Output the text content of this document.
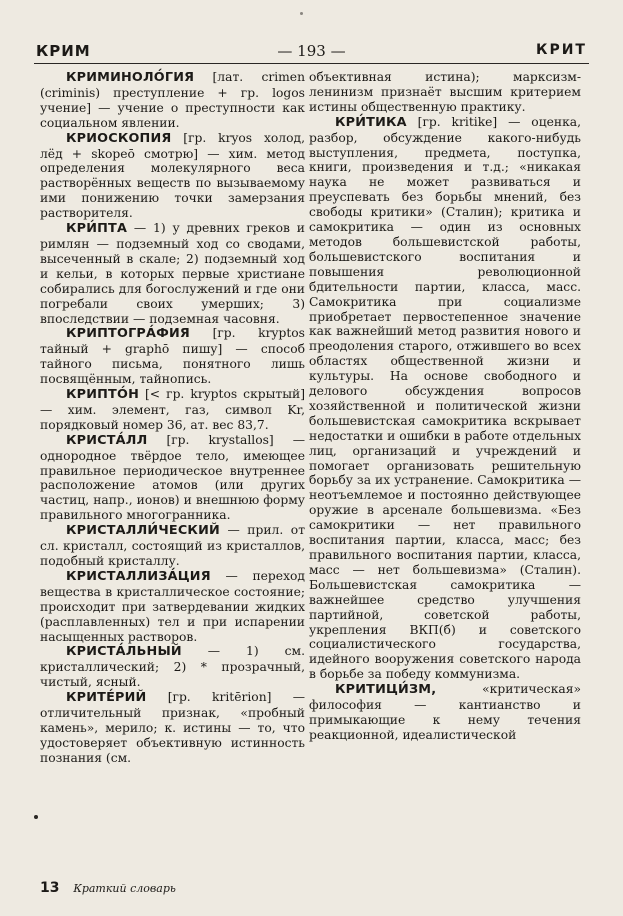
КРИМ	— 193 —	КРИТ

КРИМИНОЛО́ГИЯ [лат. crimen (criminis) преступление + гр. logos учение] — учение о преступности как социальном явлении.

КРИОСКОПИЯ [гр. kryos холод, лёд + skopeō смотрю] — хим. метод определения молекулярного веса растворённых веществ по вызываемому ими понижению точки замерзания растворителя.

КРИ́ПТА — 1) у древних греков и римлян — подземный ход со сводами, высеченный в скале; 2) подземный ход и кельи, в которых первые христиане собирались для богослужений и где они погребали своих умерших; 3) впоследствии — подземная часовня.

КРИПТОГРА́ФИЯ [гр. kryptos тайный + graphō пишу] — способ тайного письма, понятного лишь посвящённым, тайнопись.

КРИПТО́Н [< гр. kryptos скрытый] — хим. элемент, газ, символ Kr, порядковый номер 36, ат. вес 83,7.

КРИСТА́ЛЛ [гр. krystallos] — однородное твёрдое тело, имеющее правильное периодическое внутреннее расположение атомов (или других частиц, напр., ионов) и внешнюю форму правильного многогранника.

КРИСТАЛЛИ́ЧЕСКИЙ — прил. от сл. кристалл, состоящий из кристаллов, подобный кристаллу.

КРИСТАЛЛИЗА́ЦИЯ — переход вещества в кристаллическое состояние; происходит при затвердевании жидких (расплавленных) тел и при испарении насыщенных растворов.

КРИСТА́ЛЬНЫЙ — 1) см. кристаллический; 2) * прозрачный, чистый, ясный.

КРИТЕ́РИЙ [гр. kritērion] — отличительный признак, «пробный камень», мерило; к. истины — то, что удостоверяет объективную истинность познания (см.

объективная истина); марксизм-ленинизм признаёт высшим критерием истины общественную практику.

КРИ́ТИКА [гр. kritike] — оценка, разбор, обсуждение какого-нибудь выступления, предмета, поступка, книги, произведения и т.д.; «никакая наука не может развиваться и преуспевать без борьбы мнений, без свободы критики» (Сталин); критика и самокритика — один из основных методов большевистской работы, большевистского воспитания и повышения революционной бдительности партии, класса, масс. Самокритика при социализме приобретает первостепенное значение как важнейший метод развития нового и преодоления старого, отжившего во всех областях общественной жизни и культуры. На основе свободного и делового обсуждения вопросов хозяйственной и политической жизни большевистская самокритика вскрывает недостатки и ошибки в работе отдельных лиц, организаций и учреждений и помогает организовать решительную борьбу за их устранение. Самокритика — неотъемлемое и постоянно действующее оружие в арсенале большевизма. «Без самокритики — нет правильного воспитания партии, класса, масс; без правильного воспитания партии, класса, масс — нет большевизма» (Сталин). Большевистская самокритика — важнейшее средство улучшения партийной, советской работы, укрепления ВКП(б) и советского социалистического государства, идейного вооружения советского народа в борьбе за победу коммунизма.

КРИТИЦИ́ЗМ, «критическая» философия — кантианство и примыкающие к нему течения реакционной, идеалистической

13 Краткий словарь
